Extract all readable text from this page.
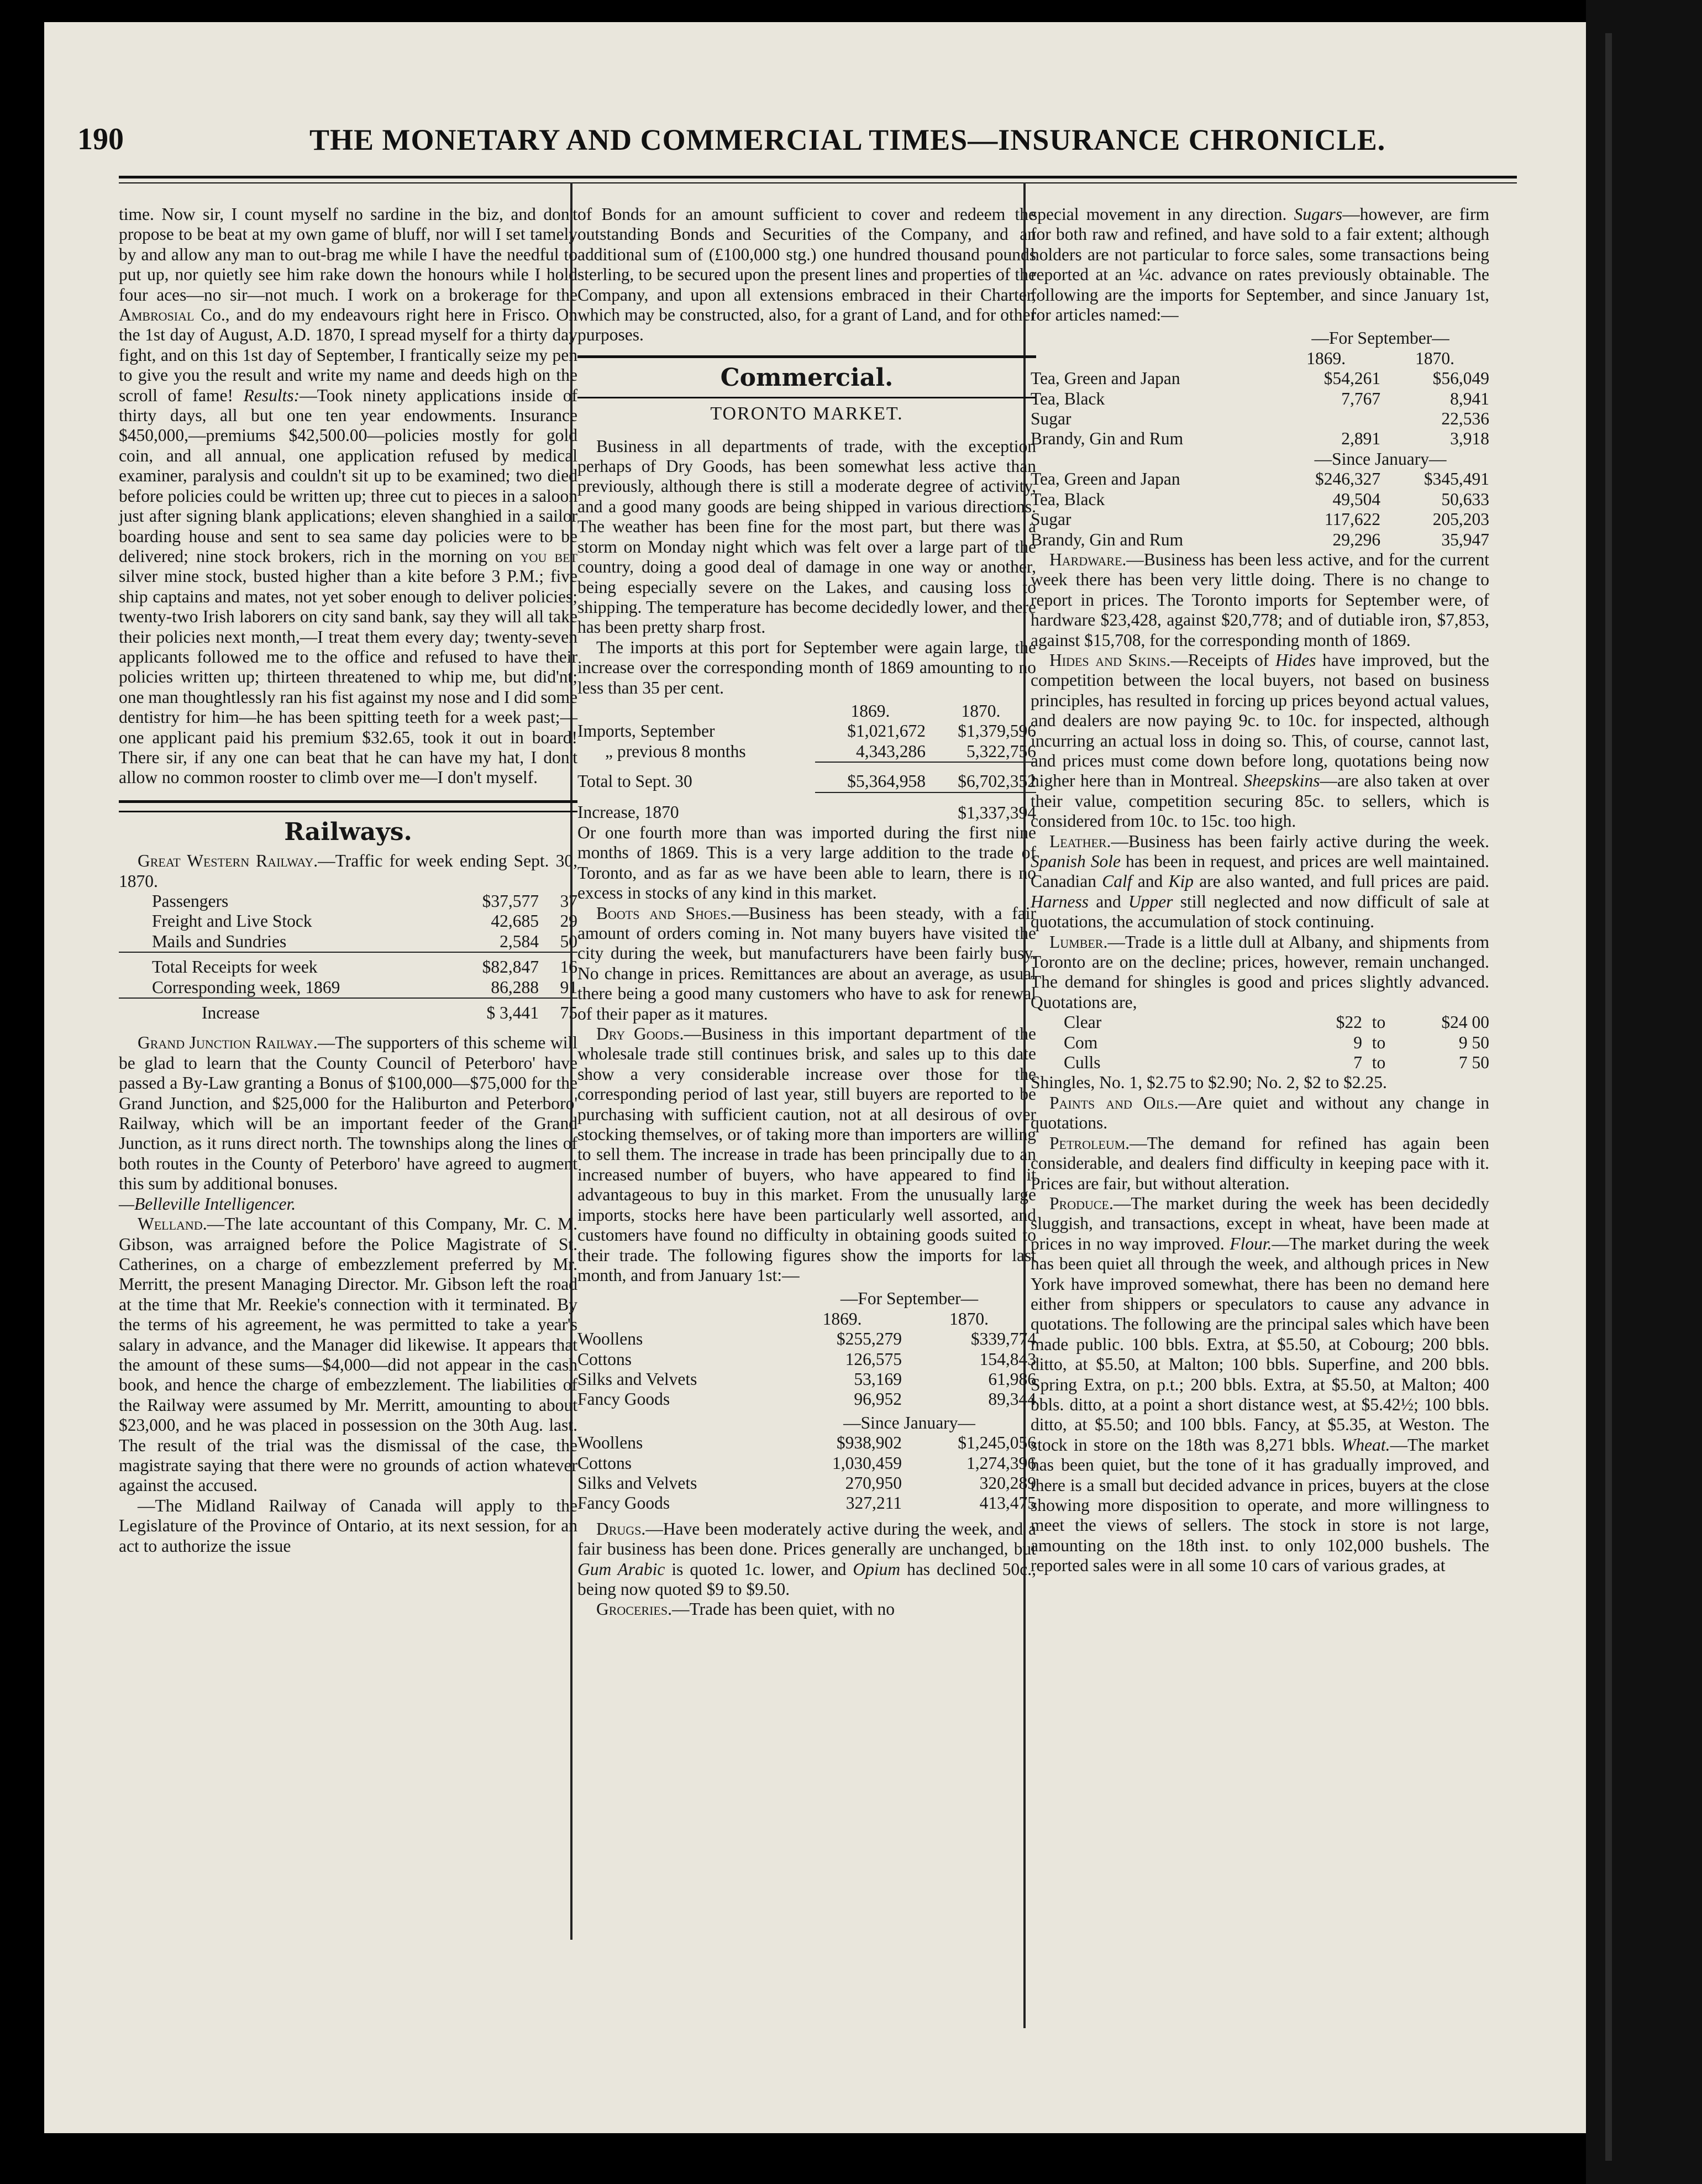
190	THE MONETARY AND COMMERCIAL TIMES—INSURANCE CHRONICLE.

time. Now sir, I count myself no sardine in the biz, and don't propose to be beat at my own game of bluff, nor will I set tamely by and allow any man to out-brag me while I have the needful to put up, nor quietly see him rake down the honours while I hold four aces—no sir—not much. I work on a brokerage for the Ambrosial Co., and do my endeavours right here in Frisco. On the 1st day of August, A.D. 1870, I spread myself for a thirty day fight, and on this 1st day of September, I frantically seize my pen to give you the result and write my name and deeds high on the scroll of fame! Results:—Took ninety applications inside of thirty days, all but one ten year endowments. Insurance $450,000,—premiums $42,500.00—policies mostly for gold coin, and all annual, one application refused by medical examiner, paralysis and couldn't sit up to be examined; two died before policies could be written up; three cut to pieces in a saloon just after signing blank applications; eleven shanghied in a sailor boarding house and sent to sea same day policies were to be delivered; nine stock brokers, rich in the morning on you bet silver mine stock, busted higher than a kite before 3 P.M.; five ship captains and mates, not yet sober enough to deliver policies; twenty-two Irish laborers on city sand bank, say they will all take their policies next month,—I treat them every day; twenty-seven applicants followed me to the office and refused to have their policies written up; thirteen threatened to whip me, but did'nt; one man thoughtlessly ran his fist against my nose and I did some dentistry for him—he has been spitting teeth for a week past;—one applicant paid his premium $32.65, took it out in board! There sir, if any one can beat that he can have my hat, I don't allow no common rooster to climb over me—I don't myself.

Railways.

Great Western Railway.—Traffic for week ending Sept. 30, 1870.

Passengers	$37,577	37
Freight and Live Stock	42,685	29
Mails and Sundries	2,584	50
Total Receipts for week	$82,847	16
Corresponding week, 1869	86,288	91
Increase	$ 3,441	75

Grand Junction Railway.—The supporters of this scheme will be glad to learn that the County Council of Peterboro' have passed a By-Law granting a Bonus of $100,000—$75,000 for the Grand Junction, and $25,000 for the Haliburton and Peterboro' Railway, which will be an important feeder of the Grand Junction, as it runs direct north. The townships along the lines of both routes in the County of Peterboro' have agreed to augment this sum by additional bonuses.

—Belleville Intelligencer.

Welland.—The late accountant of this Company, Mr. C. M. Gibson, was arraigned before the Police Magistrate of St. Catherines, on a charge of embezzlement preferred by Mr. Merritt, the present Managing Director. Mr. Gibson left the road at the time that Mr. Reekie's connection with it terminated. By the terms of his agreement, he was permitted to take a year's salary in advance, and the Manager did likewise. It appears that the amount of these sums—$4,000—did not appear in the cash book, and hence the charge of embezzlement. The liabilities of the Railway were assumed by Mr. Merritt, amounting to about $23,000, and he was placed in possession on the 30th Aug. last. The result of the trial was the dismissal of the case, the magistrate saying that there were no grounds of action whatever against the accused.

—The Midland Railway of Canada will apply to the Legislature of the Province of Ontario, at its next session, for an act to authorize the issue

of Bonds for an amount sufficient to cover and redeem the outstanding Bonds and Securities of the Company, and an additional sum of (£100,000 stg.) one hundred thousand pounds sterling, to be secured upon the present lines and properties of the Company, and upon all extensions embraced in their Charter, which may be constructed, also, for a grant of Land, and for other purposes.

Commercial.
TORONTO MARKET.

Business in all departments of trade, with the exception perhaps of Dry Goods, has been somewhat less active than previously, although there is still a moderate degree of activity, and a good many goods are being shipped in various directions. The weather has been fine for the most part, but there was a storm on Monday night which was felt over a large part of the country, doing a good deal of damage in one way or another, being especially severe on the Lakes, and causing loss to shipping. The temperature has become decidedly lower, and there has been pretty sharp frost.

The imports at this port for September were again large, the increase over the corresponding month of 1869 amounting to no less than 35 per cent.

	1869.	1870.
Imports, September	$1,021,672	$1,379,596
„ previous 8 months	4,343,286	5,322,756
Total to Sept. 30	$5,364,958	$6,702,352
Increase, 1870		$1,337,394

Or one fourth more than was imported during the first nine months of 1869. This is a very large addition to the trade of Toronto, and as far as we have been able to learn, there is no excess in stocks of any kind in this market.

Boots and Shoes.—Business has been steady, with a fair amount of orders coming in. Not many buyers have visited the city during the week, but manufacturers have been fairly busy. No change in prices. Remittances are about an average, as usual there being a good many customers who have to ask for renewal of their paper as it matures.

Dry Goods.—Business in this important department of the wholesale trade still continues brisk, and sales up to this date show a very considerable increase over those for the corresponding period of last year, still buyers are reported to be purchasing with sufficient caution, not at all desirous of over stocking themselves, or of taking more than importers are willing to sell them. The increase in trade has been principally due to an increased number of buyers, who have appeared to find it advantageous to buy in this market. From the unusually large imports, stocks here have been particularly well assorted, and customers have found no difficulty in obtaining goods suited to their trade. The following figures show the imports for last month, and from January 1st:—

	—For September—	
	1869.	1870.
Woollens	$255,279	$339,774
Cottons	126,575	154,843
Silks and Velvets	53,169	61,986
Fancy Goods	96,952	89,344
	—Since January—	
Woollens	$938,902	$1,245,056
Cottons	1,030,459	1,274,396
Silks and Velvets	270,950	320,289
Fancy Goods	327,211	413,475

Drugs.—Have been moderately active during the week, and a fair business has been done. Prices generally are unchanged, but Gum Arabic is quoted 1c. lower, and Opium has declined 50c., being now quoted $9 to $9.50.

Groceries.—Trade has been quiet, with no

special movement in any direction. Sugars—however, are firm for both raw and refined, and have sold to a fair extent; although holders are not particular to force sales, some transactions being reported at an ¼c. advance on rates previously obtainable. The following are the imports for September, and since January 1st, for articles named:—

	—For September—	
	1869.	1870.
Tea, Green and Japan	$54,261	$56,049
Tea, Black	7,767	8,941
Sugar		22,536
Brandy, Gin and Rum	2,891	3,918
	—Since January—	
Tea, Green and Japan	$246,327	$345,491
Tea, Black	49,504	50,633
Sugar	117,622	205,203
Brandy, Gin and Rum	29,296	35,947

Hardware.—Business has been less active, and for the current week there has been very little doing. There is no change to report in prices. The Toronto imports for September were, of hardware $23,428, against $20,778; and of dutiable iron, $7,853, against $15,708, for the corresponding month of 1869.

Hides and Skins.—Receipts of Hides have improved, but the competition between the local buyers, not based on business principles, has resulted in forcing up prices beyond actual values, and dealers are now paying 9c. to 10c. for inspected, although incurring an actual loss in doing so. This, of course, cannot last, and prices must come down before long, quotations being now higher here than in Montreal. Sheepskins—are also taken at over their value, competition securing 85c. to sellers, which is considered from 10c. to 15c. too high.

Leather.—Business has been fairly active during the week. Spanish Sole has been in request, and prices are well maintained. Canadian Calf and Kip are also wanted, and full prices are paid. Harness and Upper still neglected and now difficult of sale at quotations, the accumulation of stock continuing.

Lumber.—Trade is a little dull at Albany, and shipments from Toronto are on the decline; prices, however, remain unchanged. The demand for shingles is good and prices slightly advanced. Quotations are,

Clear	$22	to	$24 00
Com	9	to	9 50
Culls	7	to	7 50

Shingles, No. 1, $2.75 to $2.90; No. 2, $2 to $2.25.

Paints and Oils.—Are quiet and without any change in quotations.

Petroleum.—The demand for refined has again been considerable, and dealers find difficulty in keeping pace with it. Prices are fair, but without alteration.

Produce.—The market during the week has been decidedly sluggish, and transactions, except in wheat, have been made at prices in no way improved. Flour.—The market during the week has been quiet all through the week, and although prices in New York have improved somewhat, there has been no demand here either from shippers or speculators to cause any advance in quotations. The following are the principal sales which have been made public. 100 bbls. Extra, at $5.50, at Cobourg; 200 bbls. ditto, at $5.50, at Malton; 100 bbls. Superfine, and 200 bbls. Spring Extra, on p.t.; 200 bbls. Extra, at $5.50, at Malton; 400 bbls. ditto, at a point a short distance west, at $5.42½; 100 bbls. ditto, at $5.50; and 100 bbls. Fancy, at $5.35, at Weston. The stock in store on the 18th was 8,271 bbls. Wheat.—The market has been quiet, but the tone of it has gradually improved, and there is a small but decided advance in prices, buyers at the close showing more disposition to operate, and more willingness to meet the views of sellers. The stock in store is not large, amounting on the 18th inst. to only 102,000 bushels. The reported sales were in all some 10 cars of various grades, at
